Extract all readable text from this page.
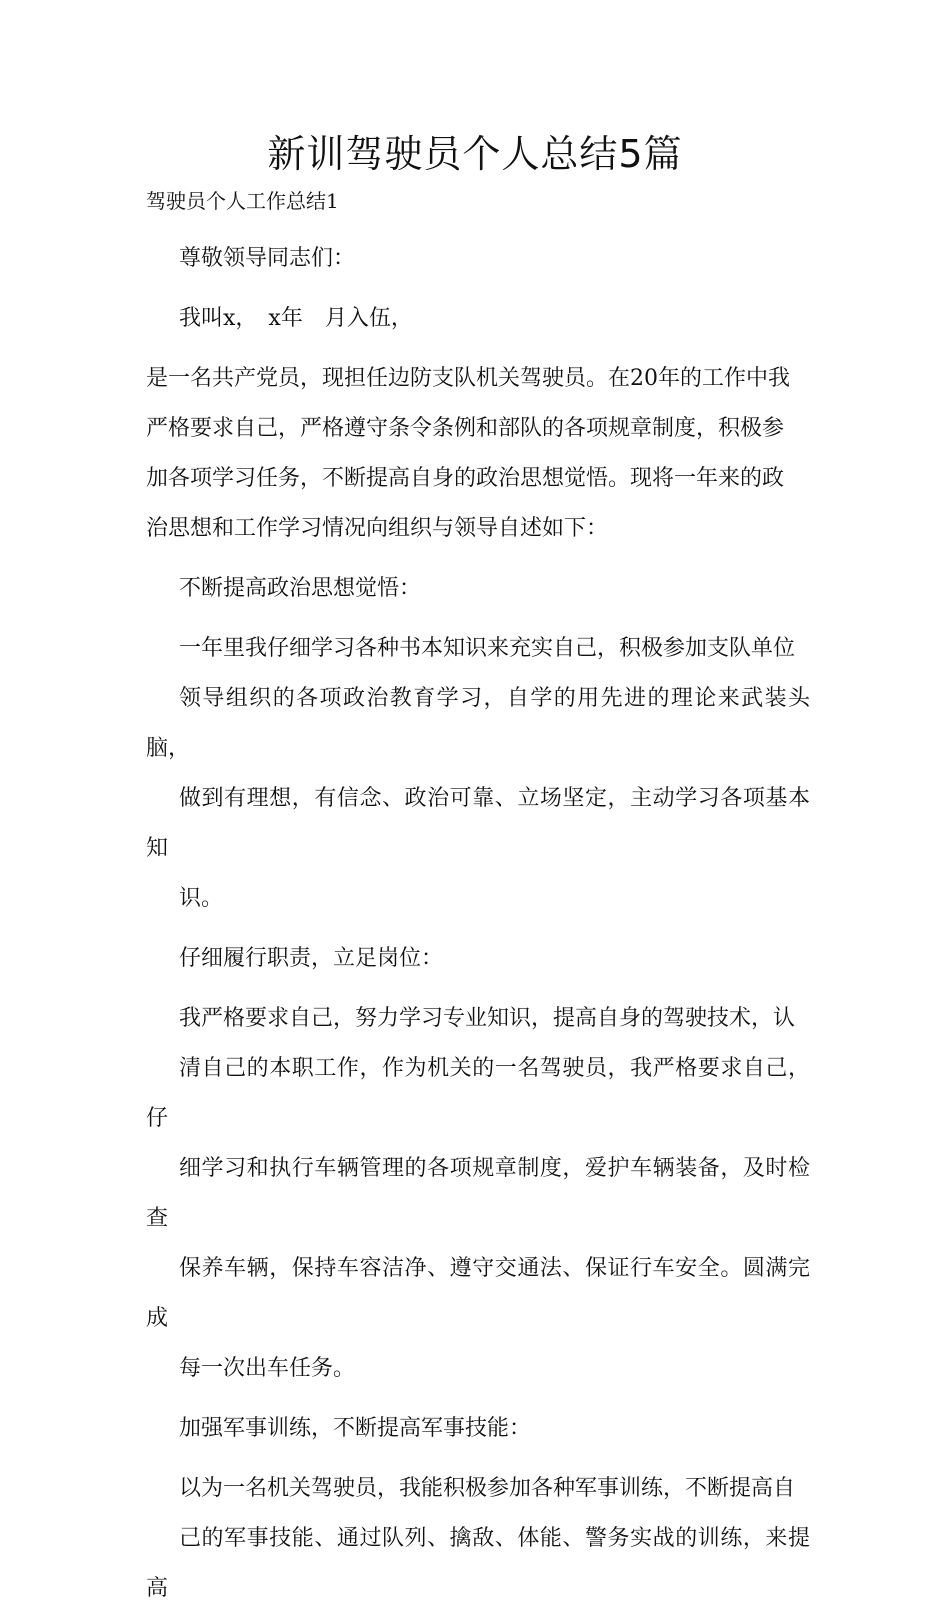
新训驾驶员个人总结5篇

驾驶员个人工作总结1

尊敬领导同志们：

我叫x，　x年　月入伍，

是一名共产党员，现担任边防支队机关驾驶员。在20年的工作中我
严格要求自己，严格遵守条令条例和部队的各项规章制度，积极参
加各项学习任务，不断提高自身的政治思想觉悟。现将一年来的政
治思想和工作学习情况向组织与领导自述如下：

不断提高政治思想觉悟：

一年里我仔细学习各种书本知识来充实自己，积极参加支队单位
领导组织的各项政治教育学习，自学的用先进的理论来武装头脑，
做到有理想，有信念、政治可靠、立场坚定，主动学习各项基本知
识。

仔细履行职责，立足岗位：

我严格要求自己，努力学习专业知识，提高自身的驾驶技术，认
清自己的本职工作，作为机关的一名驾驶员，我严格要求自己，仔
细学习和执行车辆管理的各项规章制度，爱护车辆装备，及时检查
保养车辆，保持车容洁净、遵守交通法、保证行车安全。圆满完成
每一次出车任务。

加强军事训练，不断提高军事技能：

以为一名机关驾驶员，我能积极参加各种军事训练，不断提高自
己的军事技能、通过队列、擒敌、体能、警务实战的训练，来提高
